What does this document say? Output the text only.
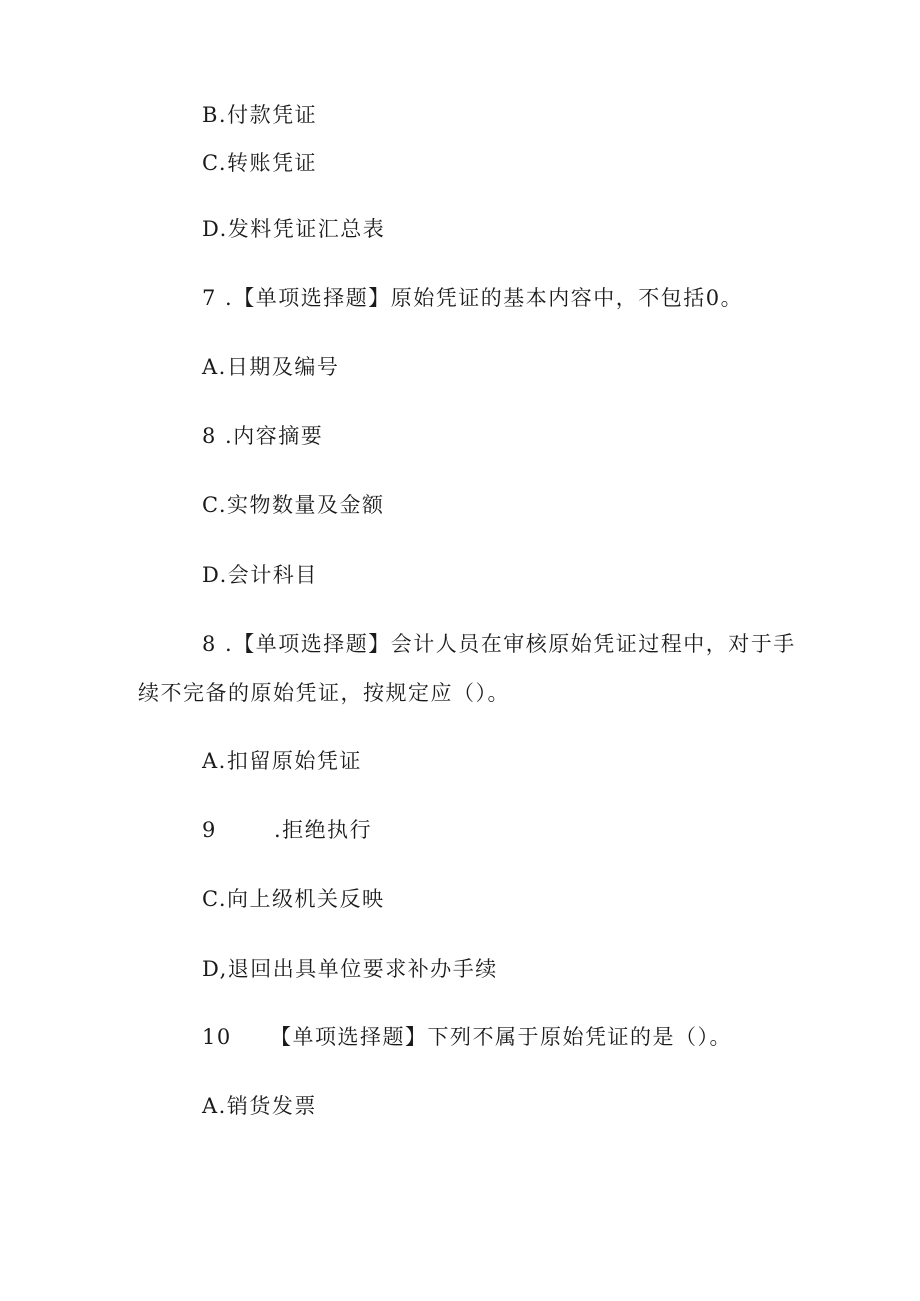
B.付款凭证
C.转账凭证
D.发料凭证汇总表
7 .【单项选择题】原始凭证的基本内容中，不包括0。
A.日期及编号
8 .内容摘要
C.实物数量及金额
D.会计科目
8 .【单项选择题】会计人员在审核原始凭证过程中，对于手
续不完备的原始凭证，按规定应（）。
A.扣留原始凭证
9	.拒绝执行
C.向上级机关反映
D,退回出具单位要求补办手续
10 【单项选择题】下列不属于原始凭证的是（）。
A.销货发票
